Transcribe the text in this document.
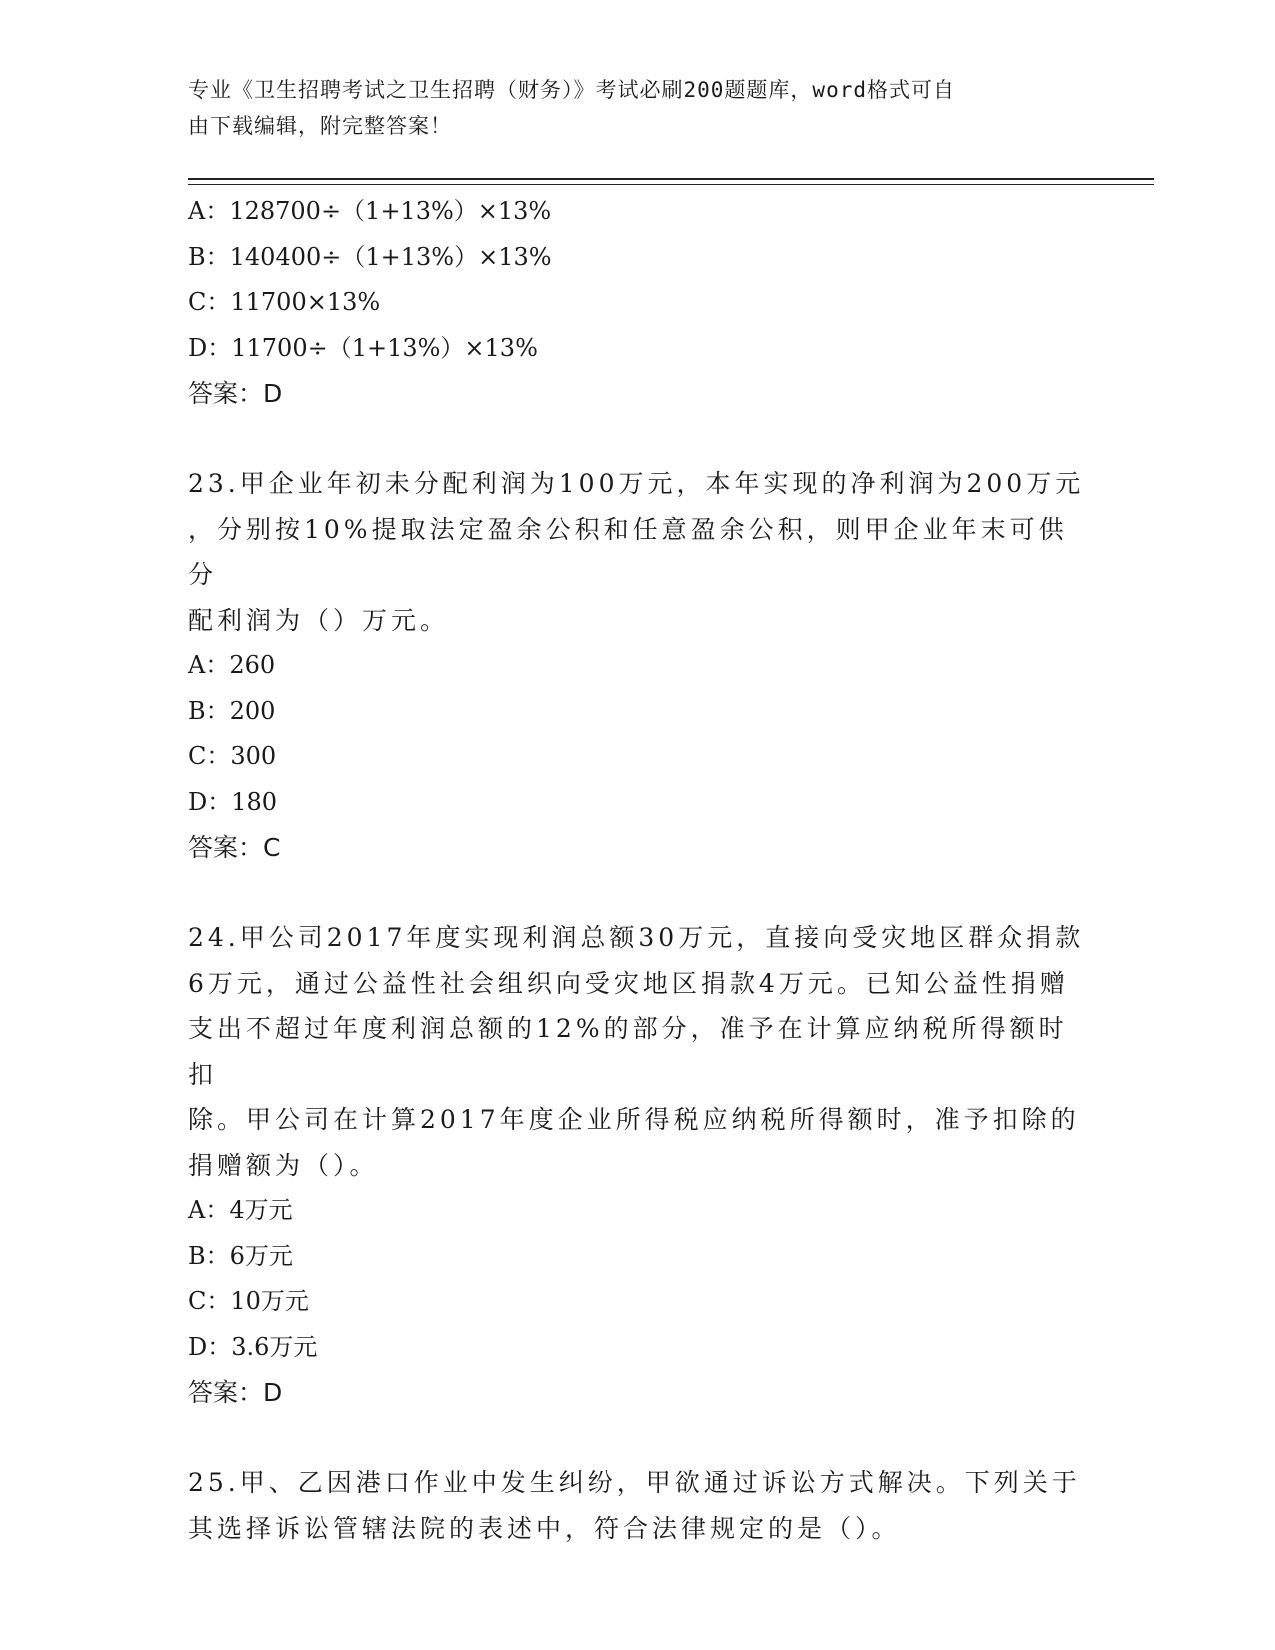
专业《卫生招聘考试之卫生招聘（财务）》考试必刷200题题库，word格式可自
由下载编辑，附完整答案！
A：128700÷（1+13%）×13%
B：140400÷（1+13%）×13%
C：11700×13%
D：11700÷（1+13%）×13%
答案：D
23.甲企业年初未分配利润为100万元，本年实现的净利润为200万元
，分别按10%提取法定盈余公积和任意盈余公积，则甲企业年末可供分
配利润为（）万元。
A：260
B：200
C：300
D：180
答案：C
24.甲公司2017年度实现利润总额30万元，直接向受灾地区群众捐款
6万元，通过公益性社会组织向受灾地区捐款4万元。已知公益性捐赠
支出不超过年度利润总额的12%的部分，准予在计算应纳税所得额时扣
除。甲公司在计算2017年度企业所得税应纳税所得额时，准予扣除的
捐赠额为（）。
A：4万元
B：6万元
C：10万元
D：3.6万元
答案：D
25.甲、乙因港口作业中发生纠纷，甲欲通过诉讼方式解决。下列关于
其选择诉讼管辖法院的表述中，符合法律规定的是（）。
